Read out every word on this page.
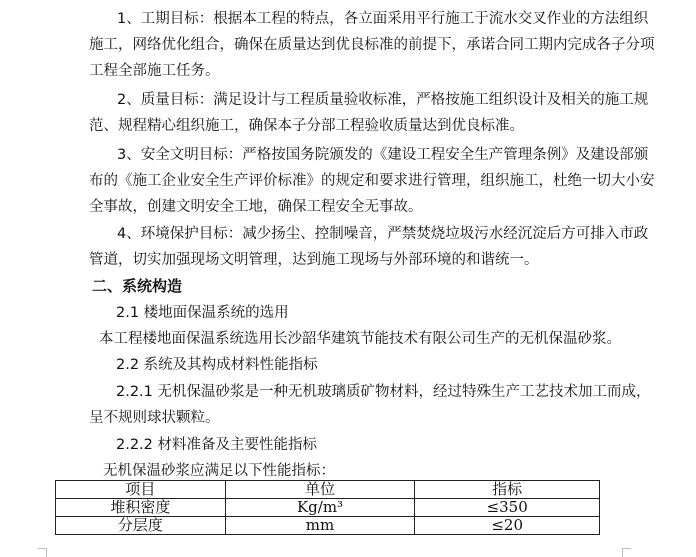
1、工期目标：根据本工程的特点，各立面采用平行施工于流水交叉作业的方法组织
施工，网络优化组合，确保在质量达到优良标准的前提下，承诺合同工期内完成各子分项
工程全部施工任务。
2、质量目标：满足设计与工程质量验收标准，严格按施工组织设计及相关的施工规
范、规程精心组织施工，确保本子分部工程验收质量达到优良标准。
3、安全文明目标：严格按国务院颁发的《建设工程安全生产管理条例》及建设部颁
布的《施工企业安全生产评价标准》的规定和要求进行管理，组织施工，杜绝一切大小安
全事故，创建文明安全工地，确保工程安全无事故。
4、环境保护目标：减少扬尘、控制噪音，严禁焚烧垃圾污水经沉淀后方可排入市政
管道，切实加强现场文明管理，达到施工现场与外部环境的和谐统一。
二、系统构造
2.1 楼地面保温系统的选用
本工程楼地面保温系统选用长沙韶华建筑节能技术有限公司生产的无机保温砂浆。
2.2 系统及其构成材料性能指标
2.2.1 无机保温砂浆是一种无机玻璃质矿物材料，经过特殊生产工艺技术加工而成，
呈不规则球状颗粒。
2.2.2 材料准备及主要性能指标
无机保温砂浆应满足以下性能指标：
项目	单位	指标
堆积密度	Kg/m³	≤350
分层度	mm	≤20
